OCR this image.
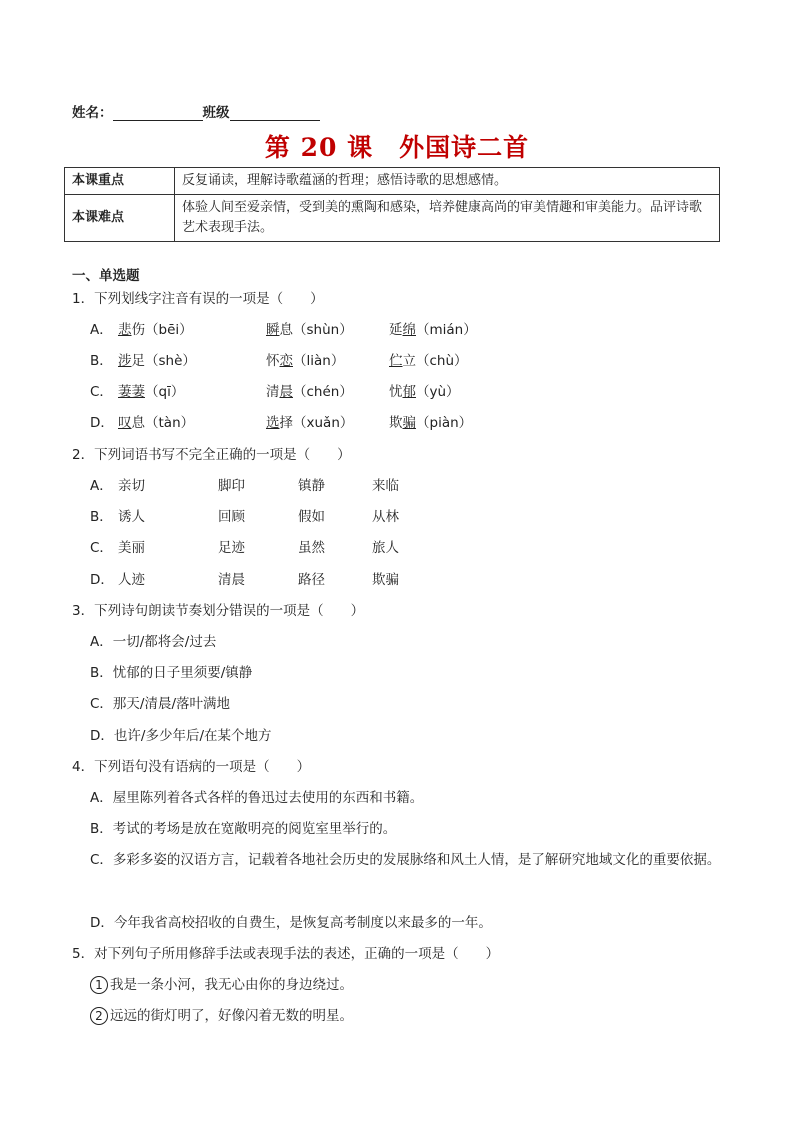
姓名：	班级
第 20 课　外国诗二首
本课重点	反复诵读，理解诗歌蕴涵的哲理；感悟诗歌的思想感情。
本课难点	体验人间至爱亲情，受到美的熏陶和感染，培养健康高尚的审美情趣和审美能力。品评诗歌艺术表现手法。
一、单选题
1．下列划线字注音有误的一项是（　　）
A． 悲伤（bēi）	瞬息（shùn）	延绵（mián）
B． 涉足（shè）	怀恋（liàn）	伫立（chù）
C． 萋萋（qī）	清晨（chén）	忧郁（yù）
D． 叹息（tàn）	选择（xuǎn）	欺骗（piàn）
2．下列词语书写不完全正确的一项是（　　）
A． 亲切	脚印	镇静	来临
B． 诱人	回顾	假如	从林
C． 美丽	足迹	虽然	旅人
D． 人迹	清晨	路径	欺骗
3．下列诗句朗读节奏划分错误的一项是（　　）
A．一切/都将会/过去
B．忧郁的日子里须要/镇静
C．那天/清晨/落叶满地
D．也许/多少年后/在某个地方
4．下列语句没有语病的一项是（　　）
A．屋里陈列着各式各样的鲁迅过去使用的东西和书籍。
B．考试的考场是放在宽敞明亮的阅览室里举行的。
C．多彩多姿的汉语方言，记载着各地社会历史的发展脉络和风土人情，是了解研究地域文化的重要依据。
D．今年我省高校招收的自费生，是恢复高考制度以来最多的一年。
5．对下列句子所用修辞手法或表现手法的表述，正确的一项是（　　）
1 我是一条小河，我无心由你的身边绕过。
2 远远的街灯明了，好像闪着无数的明星。
